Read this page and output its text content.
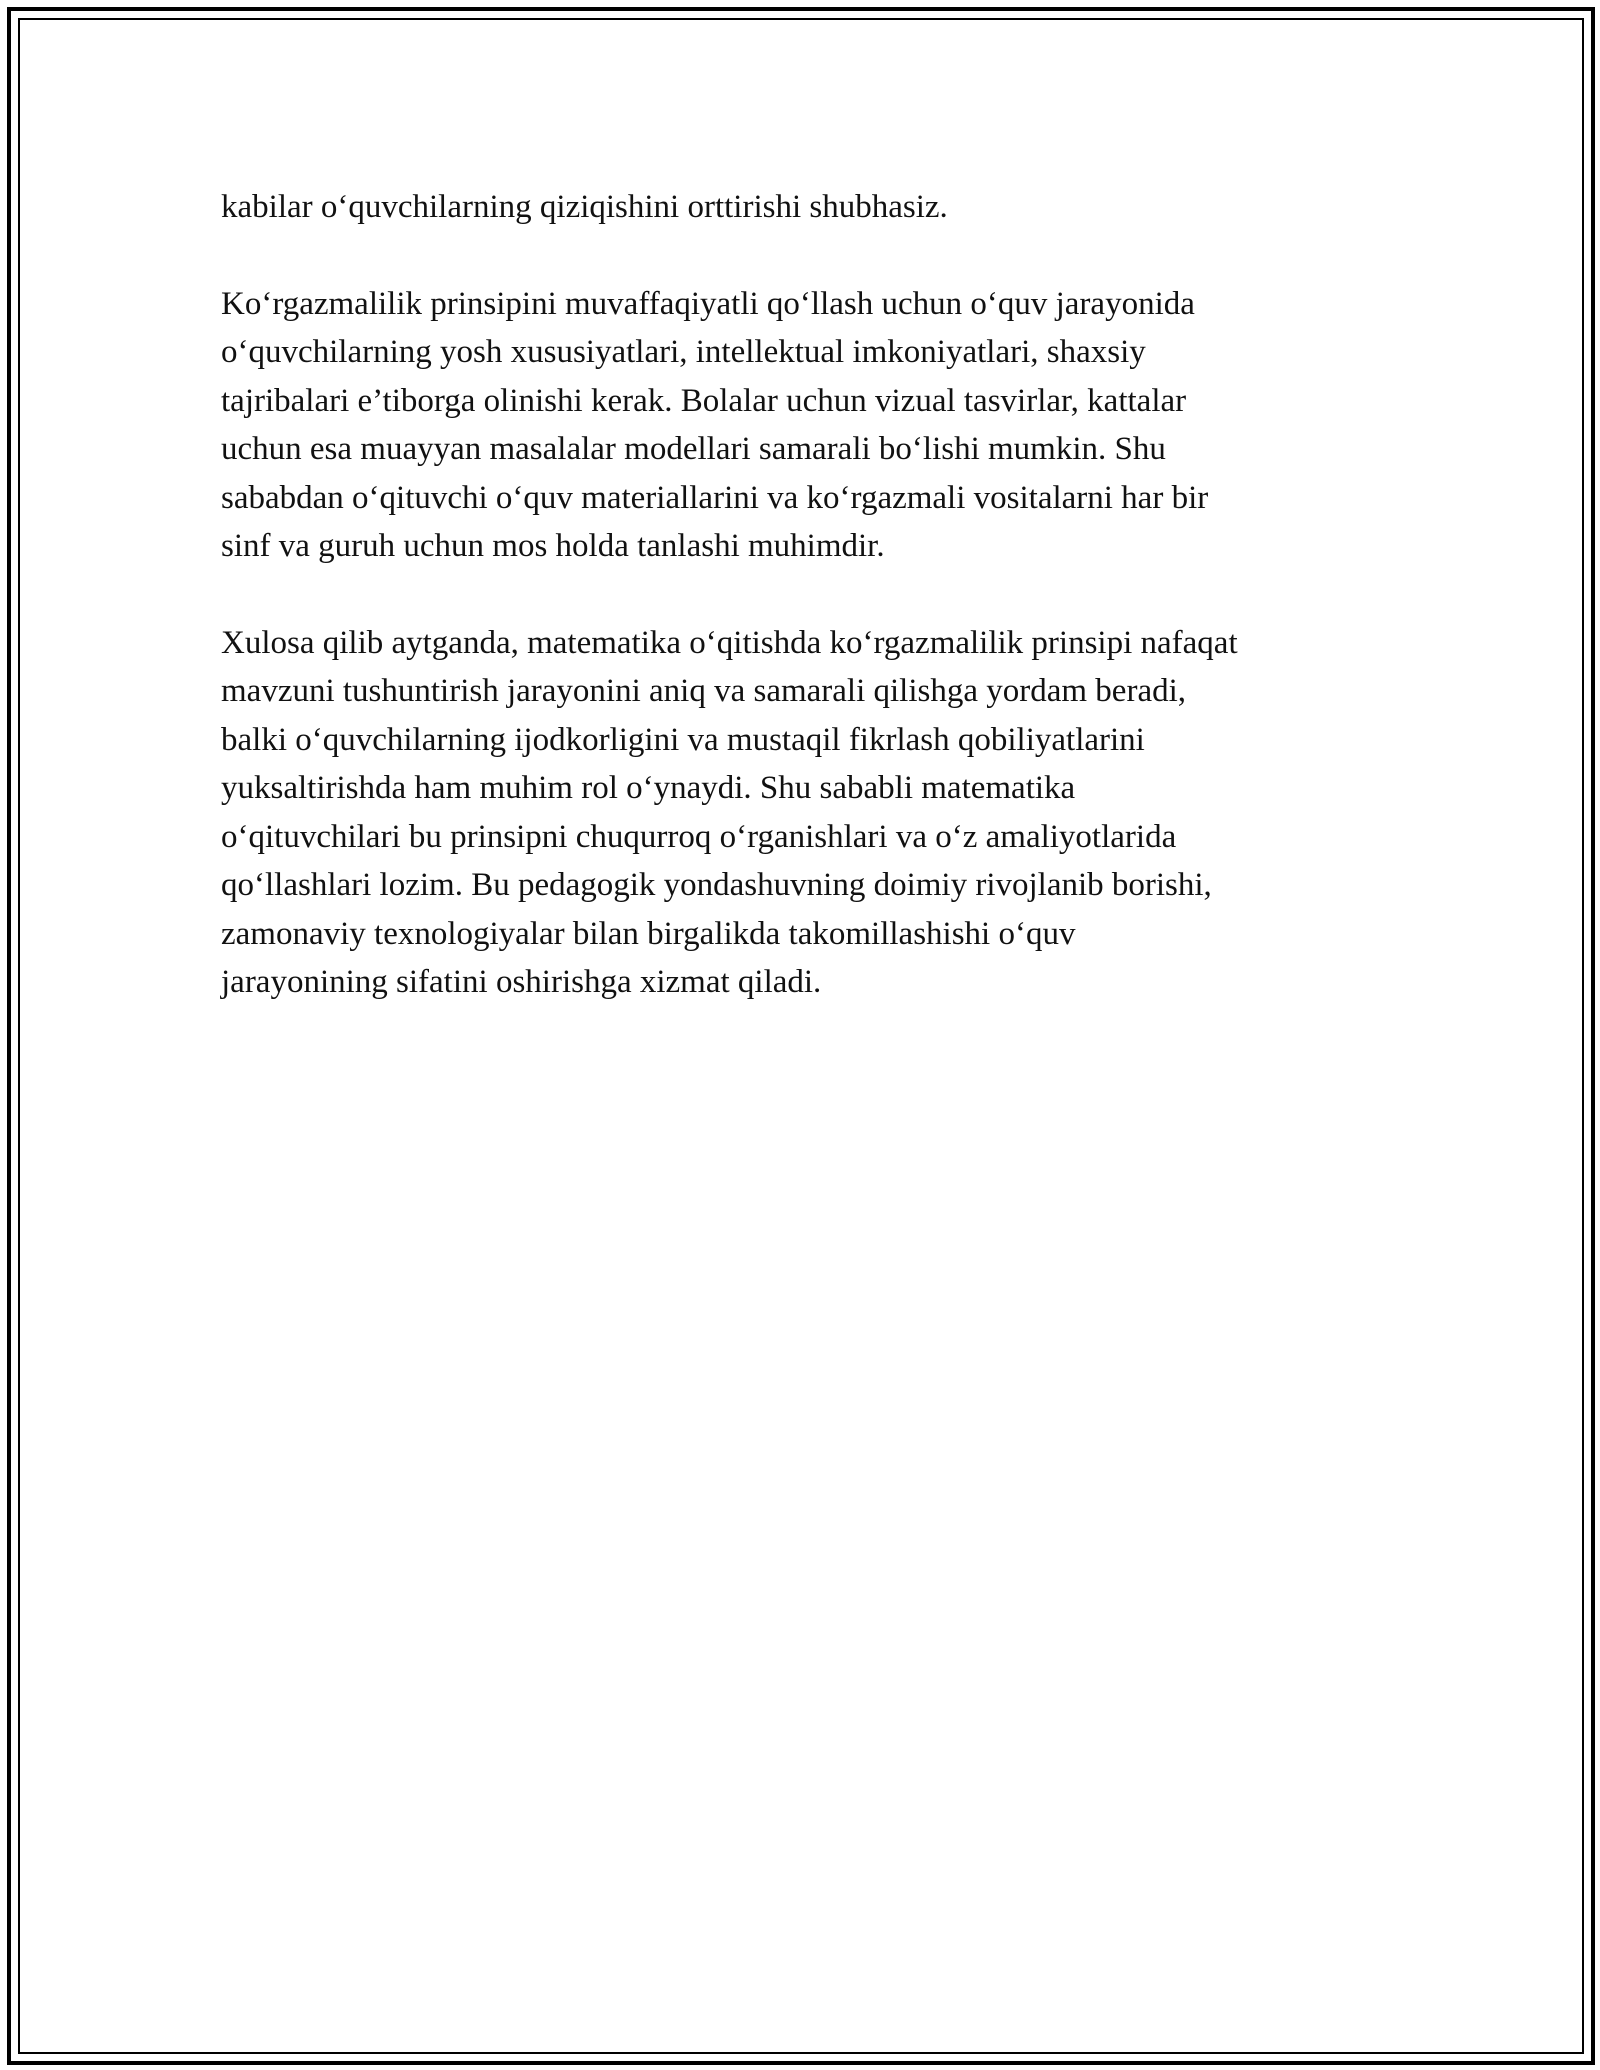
kabilar o‘quvchilarning qiziqishini orttirishi shubhasiz.

Ko‘rgazmalilik prinsipini muvaffaqiyatli qo‘llash uchun o‘quv jarayonida

o‘quvchilarning yosh xususiyatlari, intellektual imkoniyatlari, shaxsiy

tajribalari e’tiborga olinishi kerak. Bolalar uchun vizual tasvirlar, kattalar

uchun esa muayyan masalalar modellari samarali bo‘lishi mumkin. Shu

sababdan o‘qituvchi o‘quv materiallarini va ko‘rgazmali vositalarni har bir

sinf va guruh uchun mos holda tanlashi muhimdir.

Xulosa qilib aytganda, matematika o‘qitishda ko‘rgazmalilik prinsipi nafaqat

mavzuni tushuntirish jarayonini aniq va samarali qilishga yordam beradi,

balki o‘quvchilarning ijodkorligini va mustaqil fikrlash qobiliyatlarini

yuksaltirishda ham muhim rol o‘ynaydi. Shu sababli matematika

o‘qituvchilari bu prinsipni chuqurroq o‘rganishlari va o‘z amaliyotlarida

qo‘llashlari lozim. Bu pedagogik yondashuvning doimiy rivojlanib borishi,

zamonaviy texnologiyalar bilan birgalikda takomillashishi o‘quv

jarayonining sifatini oshirishga xizmat qiladi.
